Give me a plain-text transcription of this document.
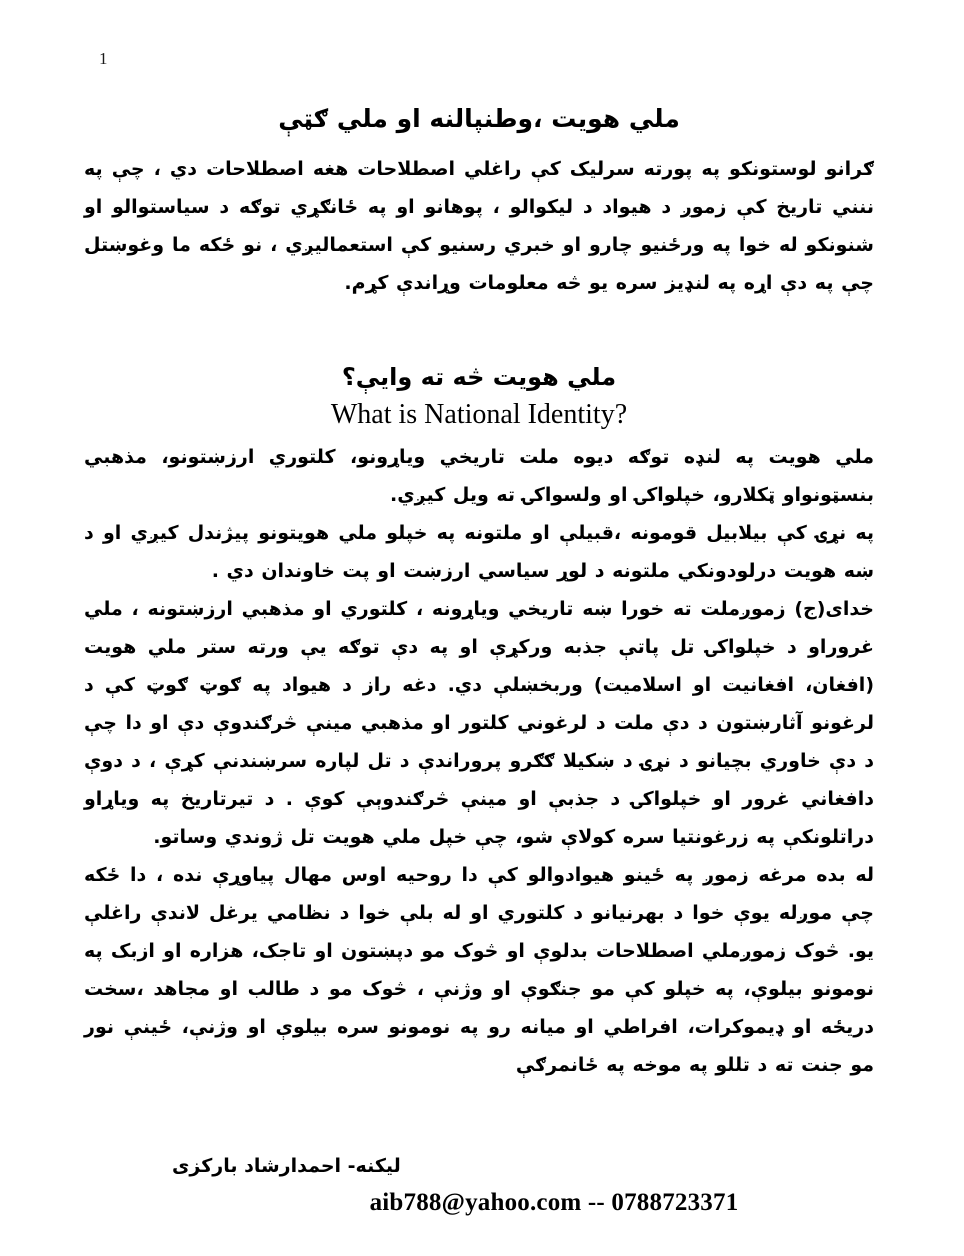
1
ملي هویت ،وطنپالنه او ملي ګټې

ګرانو لوستونکو په پورته سرلیک کې راغلي اصطلاحات هغه اصطلاحات دي ، چې په ننني تاریخ کې زموږ د هیواد د لیکوالو ، پوهانو او په ځانګړي توګه د سیاستوالو او شنونکو له خوا په ورځنیو چارو او خبري رسنیو کې استعمالیږي ، نو ځکه ما وغوښتل چې په دې اړه په لنډیز سره یو څه معلومات وړاندې کړم.

ملي هویت څه ته وایې؟
What is National Identity?

ملي هویت په لنډه توګه دیوه ملت تاریخي ویاړونو، کلتوري ارزښتونو، مذهبي بنسټونواو ټکلارو، خپلواکۍ او ولسواکۍ ته ویل کیږي.

په نړۍ کې بیلابیل قومونه ،قبیلې او ملتونه په خپلو ملي هویتونو پیژندل کیږي او د ښه هویت درلودونکي ملتونه د لوړ سیاسي ارزښت او پت خاوندان دي .

خدای(ج) زموږملت ته خورا ښه تاریخي ویاړونه ، کلتوري او مذهبي ارزښتونه ، ملي غروراو د خپلواکۍ تل پاتې جذبه ورکړې او په دې توګه یې ورته ستر ملي هویت (افغان، افغانیت او اسلامیت) وربخښلې دي. دغه راز د هیواد په ګوټ ګوټ کې د لرغونو آثارښتون د دې ملت د لرغوني کلتور او مذهبي مینې څرګندوې دې او دا چې د دې خاوري بچیانو د نړۍ د ښکیلا ګګرو پروراندې د تل لپاره سرښندنې کړې ، د دوې دافغاني غرور او خپلواکۍ د جذبې او مینې څرګندوېې کوې . د تیرتاریخ په ویاړاو دراتلونکې په زرغونتیا سره کولاې شو، چې خپل ملي هویت تل ژوندي وساتو.

له بده مرغه زموږ په ځینو هیوادوالو کې دا روحیه اوس مهال پیاوړې نده ، دا ځکه چې موږله یوې خوا د بهرنیانو د کلتوري او له بلې خوا د نظامي یرغل لاندې راغلې یو. څوک زموږملي اصطلاحات بدلوې او څوک مو دپښتون او تاجک، هزاره او ازبک په نومونو بیلوې، په خپلو کې مو جنګوې او وژنې ، څوک مو د طالب او مجاهد ،سخت دریځه او ډیموکرات، افراطي او میانه رو په نومونو سره بیلوې او وژنې، ځینې نور مو جنت ته د تللو په موخه په ځانمرګې

لیکنه- احمدارشاد بارکزی

aib788@yahoo.com -- 0788723371
